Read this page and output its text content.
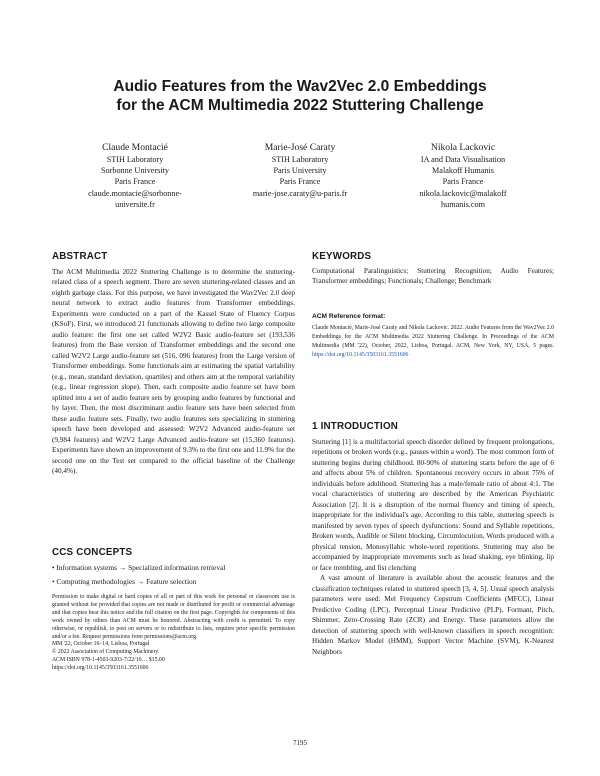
Audio Features from the Wav2Vec 2.0 Embeddings
for the ACM Multimedia 2022 Stuttering Challenge
Claude Montacié
STIH Laboratory
Sorbonne University
Paris France
claude.montacie@sorbonne-
universite.fr
Marie-José Caraty
STIH Laboratory
Paris University
Paris France
marie-jose.caraty@u-paris.fr
Nikola Lackovic
IA and Data Visualisation
Malakoff Humanis
Paris France
nikola.lackovic@malakoff
humanis.com
ABSTRACT
The ACM Multimedia 2022 Stuttering Challenge is to determine the stuttering-related class of a speech segment. There are seven stuttering-related classes and an eighth garbage class. For this purpose, we have investigated the Wav2Vec 2.0 deep neural network to extract audio features from Transformer embeddings. Experiments were conducted on a part of the Kassel State of Fluency Corpus (KSoF). First, we introduced 21 functionals allowing to define two large composite audio feature: the first one set called W2V2 Basic audio-feature set (193,536 features) from the Base version of Transformer embeddings and the second one called W2V2 Large audio-feature set (516, 096 features) from the Large version of Transformer embeddings. Some functionals aim at estimating the spatial variability (e.g., mean, standard deviation, quartiles) and others aim at the temporal variability (e.g., linear regression slope). Then, each composite audio feature set have been splitted into a set of audio feature sets by grouping audio features by functional and by layer. Then, the most discriminant audio feature sets have been selected from these audio feature sets. Finally, two audio features sets specializing in stuttering speech have been developed and assessed: W2V2 Advanced audio-feature set (9,984 features) and W2V2 Large Advanced audio-feature set (15,360 features). Experiments have shown an improvement of 9.3% to the first one and 11.9% for the second one on the Test set compared to the official baseline of the Challenge (40.4%).
CCS CONCEPTS
• Information systems → Specialized information retrieval
• Computing methodologies → Feature selection
Permission to make digital or hard copies of all or part of this work for personal or classroom use is granted without fee provided that copies are not made or distributed for profit or commercial advantage and that copies bear this notice and the full citation on the first page. Copyrights for components of this work owned by others than ACM must be honored. Abstracting with credit is permitted. To copy otherwise, or republish, to post on servers or to redistribute to lists, requires prior specific permission and/or a fee. Request permissions from permissions@acm.org.
MM '22, October 10–14, Lisboa, Portugal
© 2022 Association of Computing Machinery.
ACM ISBN 978-1-4503-9203-7/22/10… $15.00
https://doi.org/10.1145/3503161.3551606
KEYWORDS
Computational Paralinguistics; Stuttering Recognition; Audio Features; Transformer embeddings; Functionals; Challenge; Benchmark
ACM Reference format:
Claude Montacié, Marie-José Caraty and Nikola Lackovic. 2022. Audio Features from the Wav2Vec 2.0 Embeddings for the ACM Multimedia 2022 Stuttering Challenge. In Proceedings of the ACM Multimedia (MM '22), October, 2022, Lisboa, Portugal. ACM, New York, NY, USA, 5 pages. https://doi.org/10.1145/3503161.3551606
1 INTRODUCTION
Stuttering [1] is a multifactorial speech disorder defined by frequent prolongations, repetitions or broken words (e.g., pauses within a word). The most common form of stuttering begins during childhood. 80-90% of stuttering starts before the age of 6 and affects about 5% of children. Spontaneous recovery occurs in about 75% of individuals before adulthood. Stuttering has a male/female ratio of about 4:1. The vocal characteristics of stuttering are described by the American Psychiatric Association [2]. It is a disruption of the normal fluency and timing of speech, inappropriate for the individual's age. According to this table, stuttering speech is manifested by seven types of speech dysfunctions: Sound and Syllable repetitions, Broken words, Audible or Silent blocking, Circumlocution, Words produced with a physical tension, Monosyllabic whole-word repetitions. Stuttering may also be accompanied by inappropriate movements such as head shaking, eye blinking, lip or face trembling, and fist clenching
A vast amount of literature is available about the acoustic features and the classification techniques related to stuttered speech [3, 4, 5]. Usual speech analysis parameters were used: Mel Frequency Cepstrum Coefficients (MFCC), Linear Predictive Coding (LPC), Perceptual Linear Predictive (PLP), Formant, Pitch, Shimmer, Zero-Crossing Rate (ZCR) and Energy. These parameters allow the detection of stuttering speech with well-known classifiers in speech recognition: Hidden Markov Model (HMM), Support Vector Machine (SVM), K-Nearest Neighbors
7195
